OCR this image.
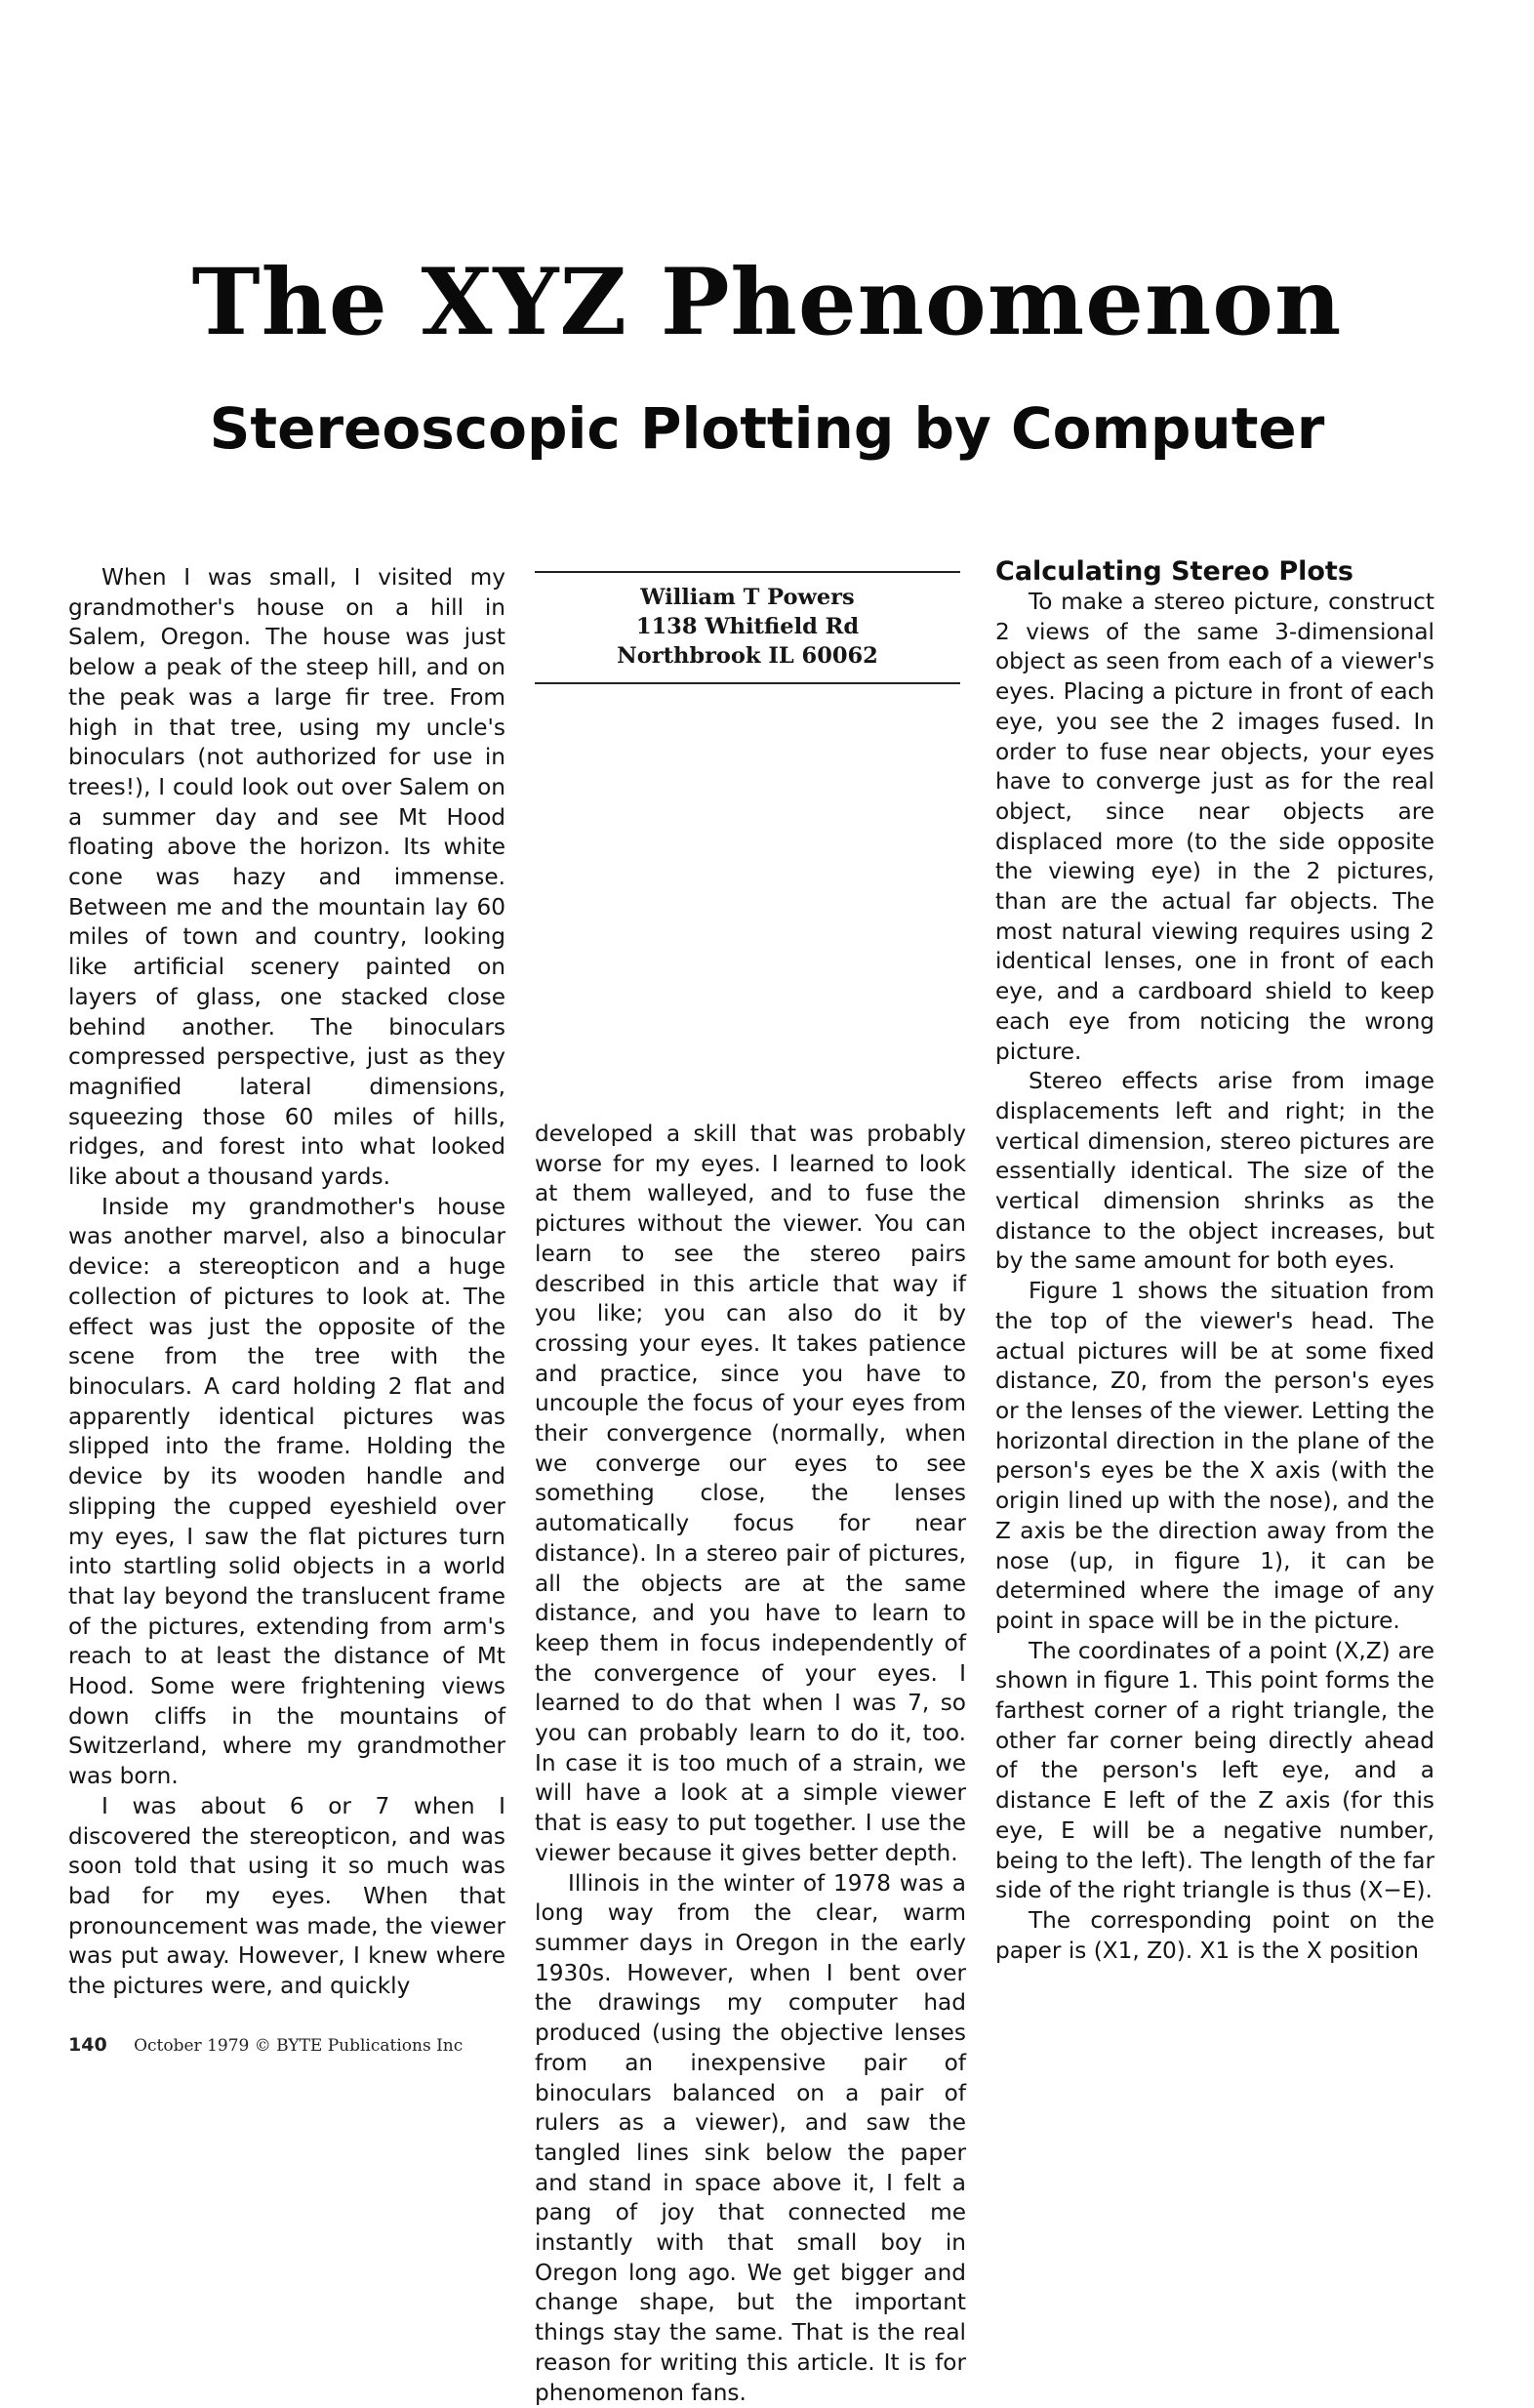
The XYZ Phenomenon
Stereoscopic Plotting by Computer

When I was small, I visited my grandmother's house on a hill in Salem, Oregon. The house was just below a peak of the steep hill, and on the peak was a large fir tree. From high in that tree, using my uncle's binoculars (not authorized for use in trees!), I could look out over Salem on a summer day and see Mt Hood floating above the horizon. Its white cone was hazy and immense. Between me and the mountain lay 60 miles of town and country, looking like artificial scenery painted on layers of glass, one stacked close behind another. The binoculars compressed perspective, just as they magnified lateral dimensions, squeezing those 60 miles of hills, ridges, and forest into what looked like about a thousand yards.

Inside my grandmother's house was another marvel, also a binocular device: a stereopticon and a huge collection of pictures to look at. The effect was just the opposite of the scene from the tree with the binoculars. A card holding 2 flat and apparently identical pictures was slipped into the frame. Holding the device by its wooden handle and slipping the cupped eyeshield over my eyes, I saw the flat pictures turn into startling solid objects in a world that lay beyond the translucent frame of the pictures, extending from arm's reach to at least the distance of Mt Hood. Some were frightening views down cliffs in the mountains of Switzerland, where my grandmother was born.

I was about 6 or 7 when I discovered the stereopticon, and was soon told that using it so much was bad for my eyes. When that pronouncement was made, the viewer was put away. However, I knew where the pictures were, and quickly

William T Powers
1138 Whitfield Rd
Northbrook IL 60062

developed a skill that was probably worse for my eyes. I learned to look at them walleyed, and to fuse the pictures without the viewer. You can learn to see the stereo pairs described in this article that way if you like; you can also do it by crossing your eyes. It takes patience and practice, since you have to uncouple the focus of your eyes from their convergence (normally, when we converge our eyes to see something close, the lenses automatically focus for near distance). In a stereo pair of pictures, all the objects are at the same distance, and you have to learn to keep them in focus independently of the convergence of your eyes. I learned to do that when I was 7, so you can probably learn to do it, too. In case it is too much of a strain, we will have a look at a simple viewer that is easy to put together. I use the viewer because it gives better depth.

Illinois in the winter of 1978 was a long way from the clear, warm summer days in Oregon in the early 1930s. However, when I bent over the drawings my computer had produced (using the objective lenses from an inexpensive pair of binoculars balanced on a pair of rulers as a viewer), and saw the tangled lines sink below the paper and stand in space above it, I felt a pang of joy that connected me instantly with that small boy in Oregon long ago. We get bigger and change shape, but the important things stay the same. That is the real reason for writing this article. It is for phenomenon fans.

Calculating Stereo Plots

To make a stereo picture, construct 2 views of the same 3-dimensional object as seen from each of a viewer's eyes. Placing a picture in front of each eye, you see the 2 images fused. In order to fuse near objects, your eyes have to converge just as for the real object, since near objects are displaced more (to the side opposite the viewing eye) in the 2 pictures, than are the actual far objects. The most natural viewing requires using 2 identical lenses, one in front of each eye, and a cardboard shield to keep each eye from noticing the wrong picture.

Stereo effects arise from image displacements left and right; in the vertical dimension, stereo pictures are essentially identical. The size of the vertical dimension shrinks as the distance to the object increases, but by the same amount for both eyes.

Figure 1 shows the situation from the top of the viewer's head. The actual pictures will be at some fixed distance, Z0, from the person's eyes or the lenses of the viewer. Letting the horizontal direction in the plane of the person's eyes be the X axis (with the origin lined up with the nose), and the Z axis be the direction away from the nose (up, in figure 1), it can be determined where the image of any point in space will be in the picture.

The coordinates of a point (X,Z) are shown in figure 1. This point forms the farthest corner of a right triangle, the other far corner being directly ahead of the person's left eye, and a distance E left of the Z axis (for this eye, E will be a negative number, being to the left). The length of the far side of the right triangle is thus (X−E).

The corresponding point on the paper is (X1, Z0). X1 is the X position

140 October 1979 © BYTE Publications Inc
